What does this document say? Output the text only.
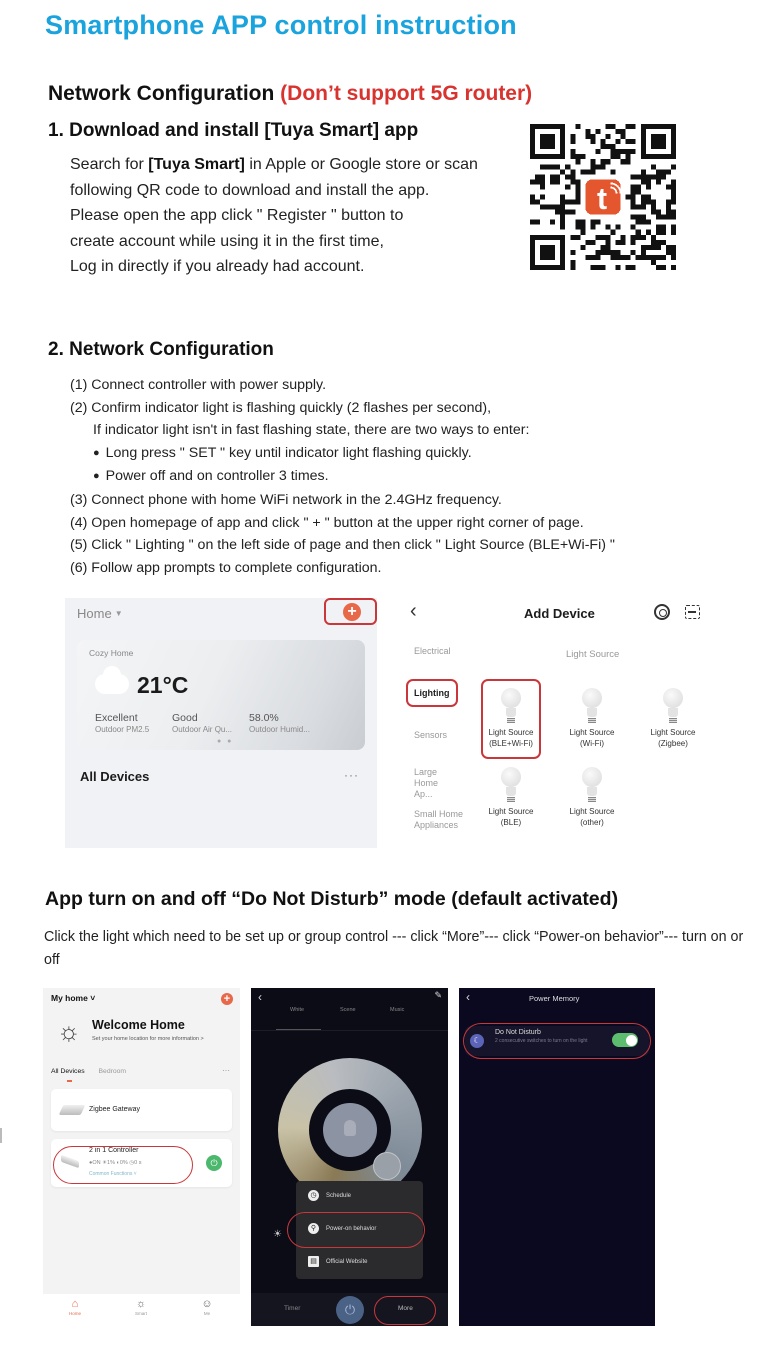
Smartphone APP control instruction
Network Configuration (Don’t support 5G router)
1. Download and install [Tuya Smart] app
Search for [Tuya Smart] in Apple or Google store or scan
following QR code to download and install the app.
Please open the app click " Register " button to
create account while using it in the first time,
Log in directly if you already had account.
t
2. Network Configuration
(1) Connect controller with power supply.
(2) Confirm indicator light is flashing quickly (2 flashes per second),
If indicator light isn't in fast flashing state, there are two ways to enter:
● Long press " SET " key until indicator light flashing quickly.
● Power off and on controller 3 times.
(3) Connect phone with home WiFi network in the 2.4GHz frequency.
(4) Open homepage of app and click " + " button at the upper right corner of page.
(5) Click " Lighting " on the left side of page and then click " Light Source (BLE+Wi-Fi) "
(6) Follow app prompts to complete configuration.
Home ▼	+
Cozy Home
21°C
Excellent
Outdoor PM2.5
Good
Outdoor Air Qu...
58.0%
Outdoor Humid...
● ●
All Devices	···
‹	Add Device
Electrical
Lighting
Sensors
Large Home Ap...
Small Home Appliances
Light Source
Light Source
(BLE+Wi-Fi)
Light Source
(Wi-Fi)
Light Source
(Zigbee)
Light Source
(BLE)
Light Source
(other)
App turn on and off “Do Not Disturb” mode (default activated)
Click the light which need to be set up or group control --- click “More”--- click “Power-on behavior”--- turn on or off
My home ˅	+
☼ Welcome Home
Set your home location for more information >
All Devices Bedroom	···
Zigbee Gateway
2 in 1 Controller
●ON ☀1% ◐0% ◷0 s
Common Functions ˅
⏻
⌂
Home
☼
Smart
☺
Me
‹	✎
White	Scene	Music
☀
◷ Schedule
⚲ Power-on behavior
▤ Official Website
Timer	⏻	More
‹	Power Memory
☾
Do Not Disturb
2 consecutive switches to turn on the light
